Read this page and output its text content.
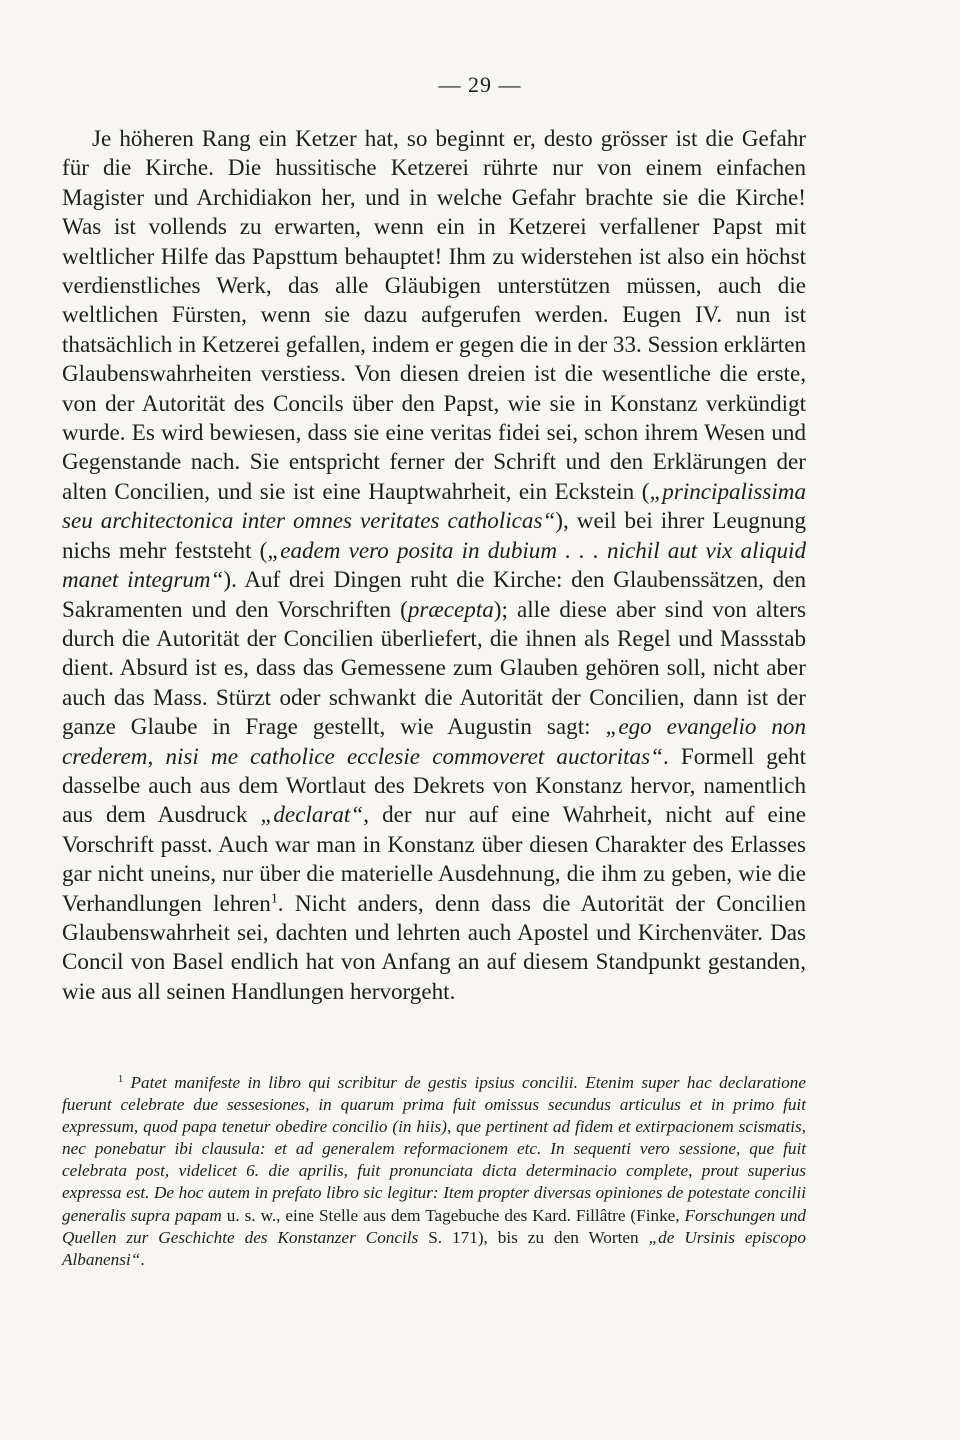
— 29 —

Je höheren Rang ein Ketzer hat, so beginnt er, desto grösser ist die Gefahr für die Kirche. Die hussitische Ketzerei rührte nur von einem einfachen Magister und Archidiakon her, und in welche Gefahr brachte sie die Kirche! Was ist vollends zu erwarten, wenn ein in Ketzerei verfallener Papst mit weltlicher Hilfe das Papsttum behauptet! Ihm zu widerstehen ist also ein höchst verdienstliches Werk, das alle Gläubigen unterstützen müssen, auch die weltlichen Fürsten, wenn sie dazu aufgerufen werden. Eugen IV. nun ist thatsächlich in Ketzerei gefallen, indem er gegen die in der 33. Session erklärten Glaubenswahrheiten verstiess. Von diesen dreien ist die wesentliche die erste, von der Autorität des Concils über den Papst, wie sie in Konstanz verkündigt wurde. Es wird bewiesen, dass sie eine veritas fidei sei, schon ihrem Wesen und Gegenstande nach. Sie entspricht ferner der Schrift und den Erklärungen der alten Concilien, und sie ist eine Hauptwahrheit, ein Eckstein („principalissima seu architectonica inter omnes veritates catholicas“), weil bei ihrer Leugnung nichs mehr feststeht („eadem vero posita in dubium . . . nichil aut vix aliquid manet integrum“). Auf drei Dingen ruht die Kirche: den Glaubenssätzen, den Sakramenten und den Vorschriften (præcepta); alle diese aber sind von alters durch die Autorität der Concilien überliefert, die ihnen als Regel und Massstab dient. Absurd ist es, dass das Gemessene zum Glauben gehören soll, nicht aber auch das Mass. Stürzt oder schwankt die Autorität der Concilien, dann ist der ganze Glaube in Frage gestellt, wie Augustin sagt: „ego evangelio non crederem, nisi me catholice ecclesie commoveret auctoritas“. Formell geht dasselbe auch aus dem Wortlaut des Dekrets von Konstanz hervor, namentlich aus dem Ausdruck „declarat“, der nur auf eine Wahrheit, nicht auf eine Vorschrift passt. Auch war man in Konstanz über diesen Charakter des Erlasses gar nicht uneins, nur über die materielle Ausdehnung, die ihm zu geben, wie die Verhandlungen lehren$^1$. Nicht anders, denn dass die Autorität der Concilien Glaubenswahrheit sei, dachten und lehrten auch Apostel und Kirchenväter. Das Concil von Basel endlich hat von Anfang an auf diesem Standpunkt gestanden, wie aus all seinen Handlungen hervorgeht.

$^1$ Patet manifeste in libro qui scribitur de gestis ipsius concilii. Etenim super hac declaratione fuerunt celebrate due sessesiones, in quarum prima fuit omissus secundus articulus et in primo fuit expressum, quod papa tenetur obedire concilio (in hiis), que pertinent ad fidem et extirpacionem scismatis, nec ponebatur ibi clausula: et ad generalem reformacionem etc. In sequenti vero sessione, que fuit celebrata post, videlicet 6. die aprilis, fuit pronunciata dicta determinacio complete, prout superius expressa est. De hoc autem in prefato libro sic legitur: Item propter diversas opiniones de potestate concilii generalis supra papam u. s. w., eine Stelle aus dem Tagebuche des Kard. Fillâtre (Finke, Forschungen und Quellen zur Geschichte des Konstanzer Concils S. 171), bis zu den Worten „de Ursinis episcopo Albanensi“.
